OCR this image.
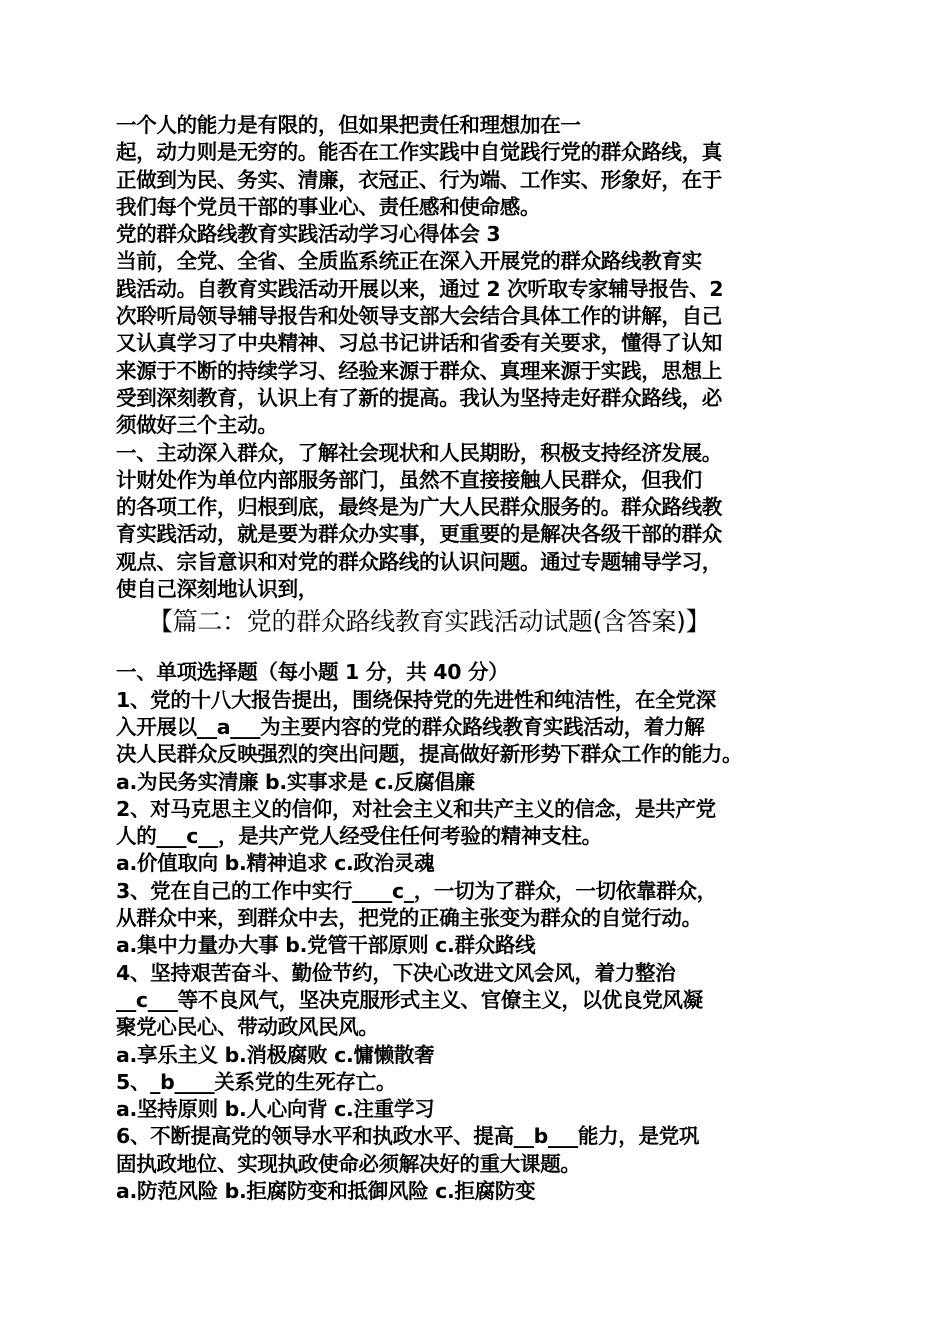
一个人的能力是有限的，但如果把责任和理想加在一
起，动力则是无穷的。能否在工作实践中自觉践行党的群众路线，真
正做到为民、务实、清廉，衣冠正、行为端、工作实、形象好，在于
我们每个党员干部的事业心、责任感和使命感。
党的群众路线教育实践活动学习心得体会 3
当前，全党、全省、全质监系统正在深入开展党的群众路线教育实
践活动。自教育实践活动开展以来，通过 2 次听取专家辅导报告、2
次聆听局领导辅导报告和处领导支部大会结合具体工作的讲解，自己
又认真学习了中央精神、习总书记讲话和省委有关要求，懂得了认知
来源于不断的持续学习、经验来源于群众、真理来源于实践，思想上
受到深刻教育，认识上有了新的提高。我认为坚持走好群众路线，必
须做好三个主动。
一、主动深入群众，了解社会现状和人民期盼，积极支持经济发展。
计财处作为单位内部服务部门，虽然不直接接触人民群众，但我们
的各项工作，归根到底，最终是为广大人民群众服务的。群众路线教
育实践活动，就是要为群众办实事，更重要的是解决各级干部的群众
观点、宗旨意识和对党的群众路线的认识问题。通过专题辅导学习，
使自己深刻地认识到，
【篇二：党的群众路线教育实践活动试题(含答案)】
一、单项选择题（每小题 1 分，共 40 分）
1、党的十八大报告提出，围绕保持党的先进性和纯洁性，在全党深
入开展以__a___为主要内容的党的群众路线教育实践活动，着力解
决人民群众反映强烈的突出问题，提高做好新形势下群众工作的能力。
a.为民务实清廉 b.实事求是 c.反腐倡廉
2、对马克思主义的信仰，对社会主义和共产主义的信念，是共产党
人的___c__，是共产党人经受住任何考验的精神支柱。
a.价值取向 b.精神追求 c.政治灵魂
3、党在自己的工作中实行____c_，一切为了群众，一切依靠群众，
从群众中来，到群众中去，把党的正确主张变为群众的自觉行动。
a.集中力量办大事 b.党管干部原则 c.群众路线
4、坚持艰苦奋斗、勤俭节约，下决心改进文风会风，着力整治
__c___等不良风气，坚决克服形式主义、官僚主义，以优良党风凝
聚党心民心、带动政风民风。
a.享乐主义 b.消极腐败 c.慵懒散奢
5、_b____关系党的生死存亡。
a.坚持原则 b.人心向背 c.注重学习
6、不断提高党的领导水平和执政水平、提高__b___能力，是党巩
固执政地位、实现执政使命必须解决好的重大课题。
a.防范风险 b.拒腐防变和抵御风险 c.拒腐防变
